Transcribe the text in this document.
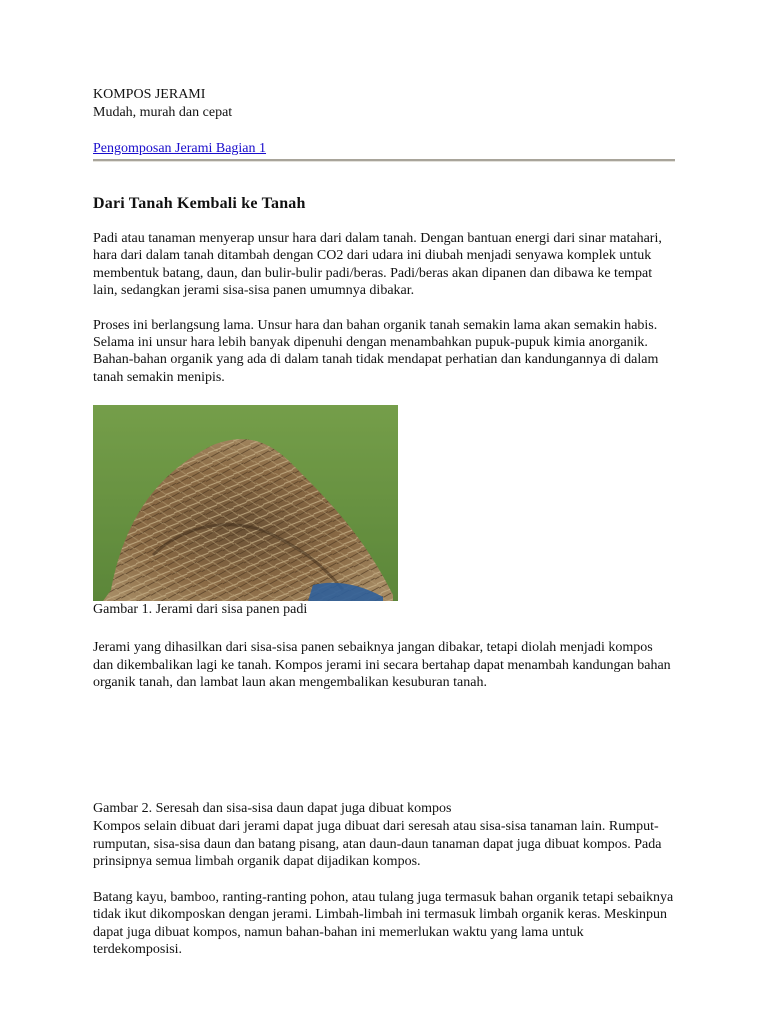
KOMPOS JERAMI
Mudah, murah dan cepat
Pengomposan Jerami Bagian 1
Dari Tanah Kembali ke Tanah

Padi atau tanaman menyerap unsur hara dari dalam tanah. Dengan bantuan energi dari sinar matahari, hara dari dalam tanah ditambah dengan CO2 dari udara ini diubah menjadi senyawa komplek untuk membentuk batang, daun, dan bulir-bulir padi/beras. Padi/beras akan dipanen dan dibawa ke tempat lain, sedangkan jerami sisa-sisa panen umumnya dibakar.

Proses ini berlangsung lama. Unsur hara dan bahan organik tanah semakin lama akan semakin habis. Selama ini unsur hara lebih banyak dipenuhi dengan menambahkan pupuk-pupuk kimia anorganik. Bahan-bahan organik yang ada di dalam tanah tidak mendapat perhatian dan kandungannya di dalam tanah semakin menipis.

Gambar 1. Jerami dari sisa panen padi

Jerami yang dihasilkan dari sisa-sisa panen sebaiknya jangan dibakar, tetapi diolah menjadi kompos dan dikembalikan lagi ke tanah. Kompos jerami ini secara bertahap dapat menambah kandungan bahan organik tanah, dan lambat laun akan mengembalikan kesuburan tanah.

Gambar 2. Seresah dan sisa-sisa daun dapat juga dibuat kompos

Kompos selain dibuat dari jerami dapat juga dibuat dari seresah atau sisa-sisa tanaman lain. Rumput-rumputan, sisa-sisa daun dan batang pisang, atan daun-daun tanaman dapat juga dibuat kompos. Pada prinsipnya semua limbah organik dapat dijadikan kompos.

Batang kayu, bamboo, ranting-ranting pohon, atau tulang juga termasuk bahan organik tetapi sebaiknya tidak ikut dikomposkan dengan jerami. Limbah-limbah ini termasuk limbah organik keras. Meskinpun dapat juga dibuat kompos, namun bahan-bahan ini memerlukan waktu yang lama untuk terdekomposisi.
